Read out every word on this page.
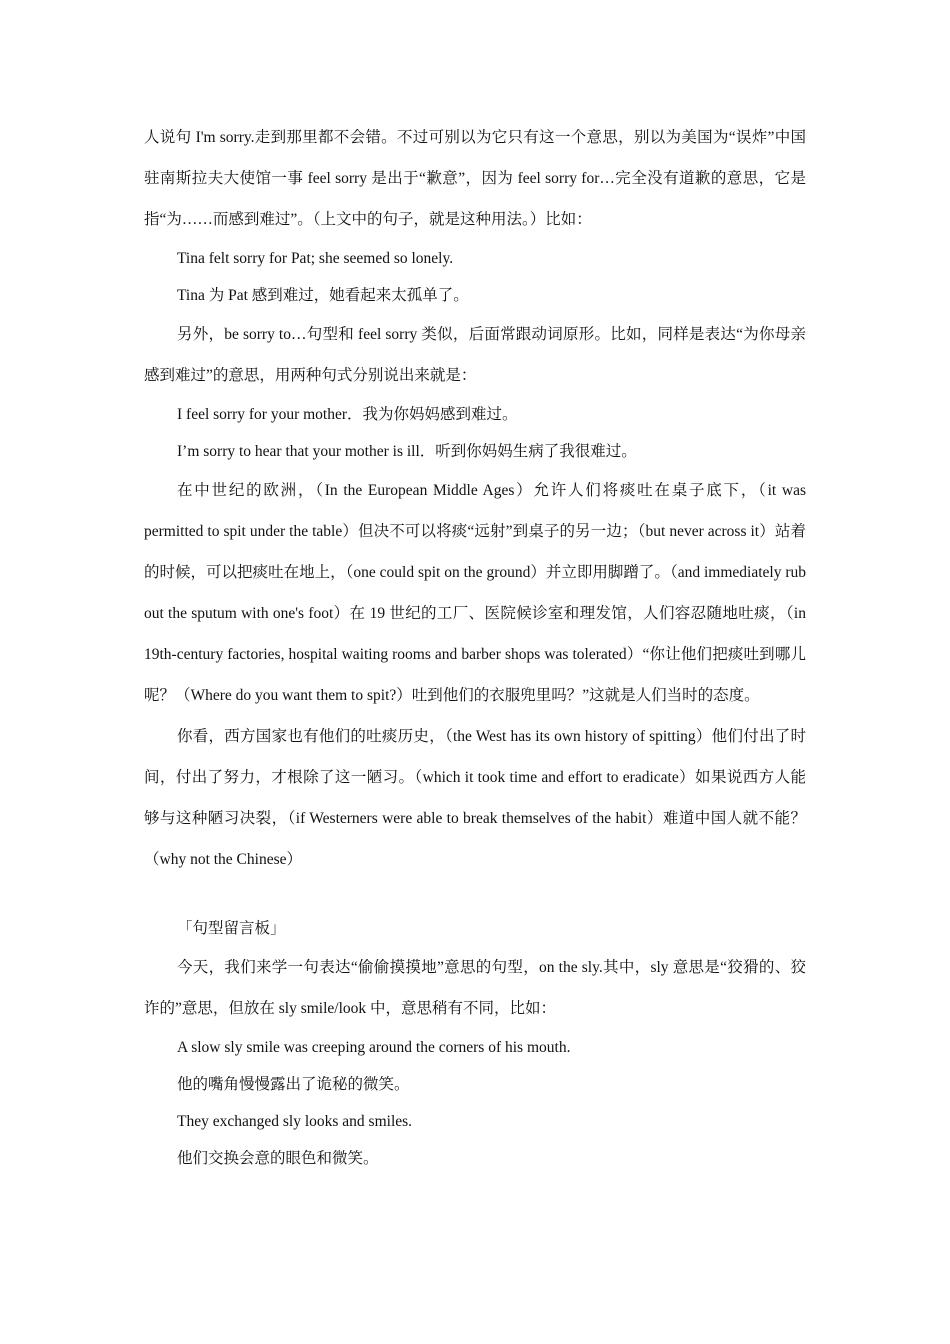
人说句 I'm sorry.走到那里都不会错。不过可别以为它只有这一个意思，别以为美国为“误炸”中国驻南斯拉夫大使馆一事 feel sorry 是出于“歉意”，因为 feel sorry for…完全没有道歉的意思，它是指“为……而感到难过”。（上文中的句子，就是这种用法。）比如：

Tina felt sorry for Pat; she seemed so lonely.

Tina 为 Pat 感到难过，她看起来太孤单了。

另外，be sorry to…句型和 feel sorry 类似，后面常跟动词原形。比如，同样是表达“为你母亲感到难过”的意思，用两种句式分别说出来就是：

I feel sorry for your mother．我为你妈妈感到难过。

I’m sorry to hear that your mother is ill．听到你妈妈生病了我很难过。

在中世纪的欧洲，（In the European Middle Ages）允许人们将痰吐在桌子底下，（it was permitted to spit under the table）但决不可以将痰“远射”到桌子的另一边；（but never across it）站着的时候，可以把痰吐在地上，（one could spit on the ground）并立即用脚蹭了。（and immediately rub out the sputum with one's foot）在 19 世纪的工厂、医院候诊室和理发馆，人们容忍随地吐痰，（in 19th-century factories, hospital waiting rooms and barber shops was tolerated）“你让他们把痰吐到哪儿呢？（Where do you want them to spit?）吐到他们的衣服兜里吗？”这就是人们当时的态度。

你看，西方国家也有他们的吐痰历史，（the West has its own history of spitting）他们付出了时间，付出了努力，才根除了这一陋习。（which it took time and effort to eradicate）如果说西方人能够与这种陋习决裂，（if Westerners were able to break themselves of the habit）难道中国人就不能？（why not the Chinese）

「句型留言板」

今天，我们来学一句表达“偷偷摸摸地”意思的句型，on the sly.其中，sly 意思是“狡猾的、狡诈的”意思，但放在 sly smile/look 中，意思稍有不同，比如：

A slow sly smile was creeping around the corners of his mouth.

他的嘴角慢慢露出了诡秘的微笑。

They exchanged sly looks and smiles.

他们交换会意的眼色和微笑。
